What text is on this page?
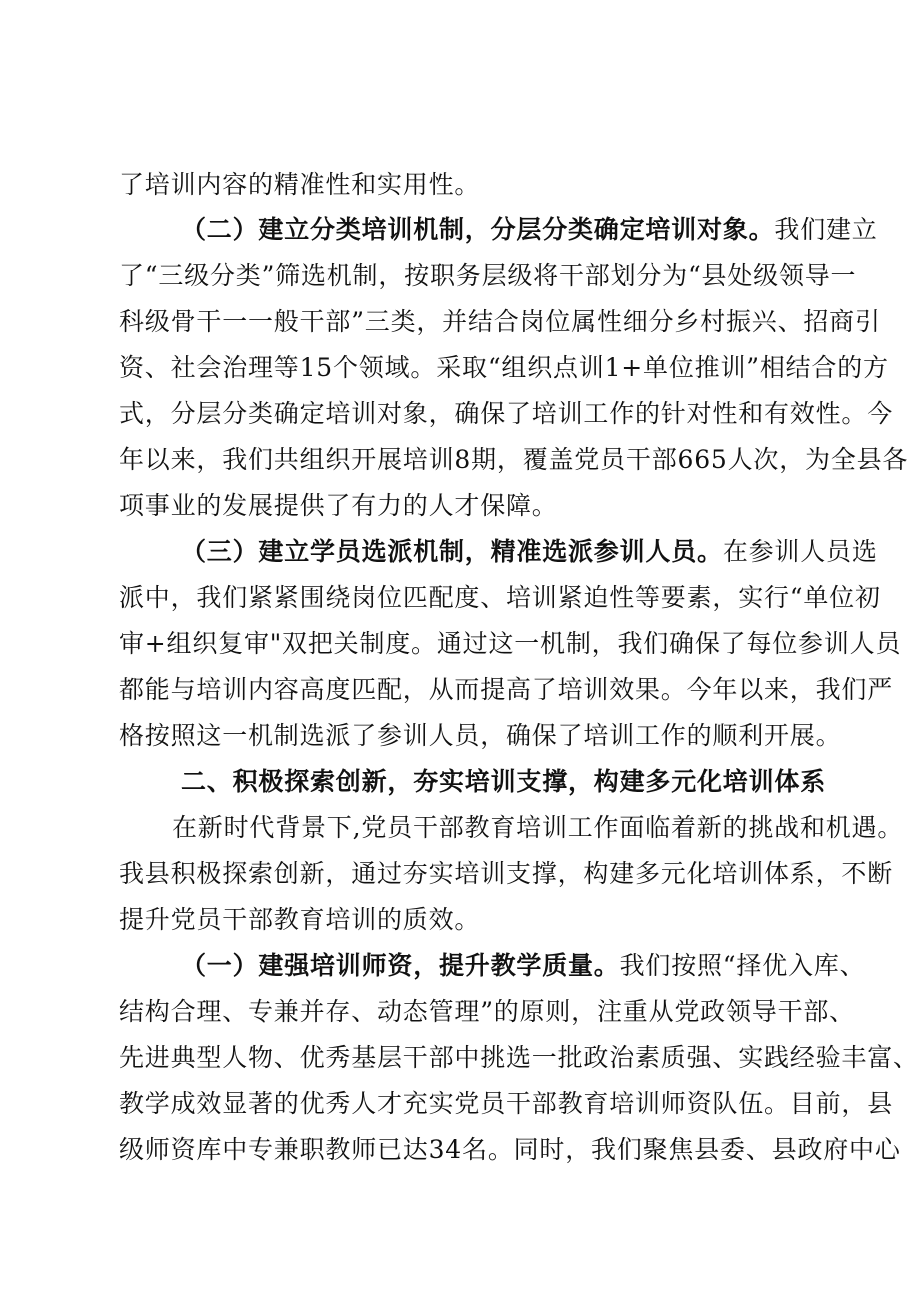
了培训内容的精准性和实用性。
（二）建立分类培训机制，分层分类确定培训对象。我们建立
了“三级分类”筛选机制，按职务层级将干部划分为“县处级领导一
科级骨干一一般干部”三类，并结合岗位属性细分乡村振兴、招商引
资、社会治理等15个领域。采取“组织点训1+单位推训”相结合的方
式，分层分类确定培训对象，确保了培训工作的针对性和有效性。今
年以来，我们共组织开展培训8期，覆盖党员干部665人次，为全县各
项事业的发展提供了有力的人才保障。
（三）建立学员选派机制，精准选派参训人员。在参训人员选
派中，我们紧紧围绕岗位匹配度、培训紧迫性等要素，实行“单位初
审+组织复审"双把关制度。通过这一机制，我们确保了每位参训人员
都能与培训内容高度匹配，从而提高了培训效果。今年以来，我们严
格按照这一机制选派了参训人员，确保了培训工作的顺利开展。
二、积极探索创新，夯实培训支撑，构建多元化培训体系
在新时代背景下,党员干部教育培训工作面临着新的挑战和机遇。
我县积极探索创新，通过夯实培训支撑，构建多元化培训体系，不断
提升党员干部教育培训的质效。
（一）建强培训师资，提升教学质量。我们按照“择优入库、
结构合理、专兼并存、动态管理”的原则，注重从党政领导干部、
先进典型人物、优秀基层干部中挑选一批政治素质强、实践经验丰富、
教学成效显著的优秀人才充实党员干部教育培训师资队伍。目前，县
级师资库中专兼职教师已达34名。同时，我们聚焦县委、县政府中心
